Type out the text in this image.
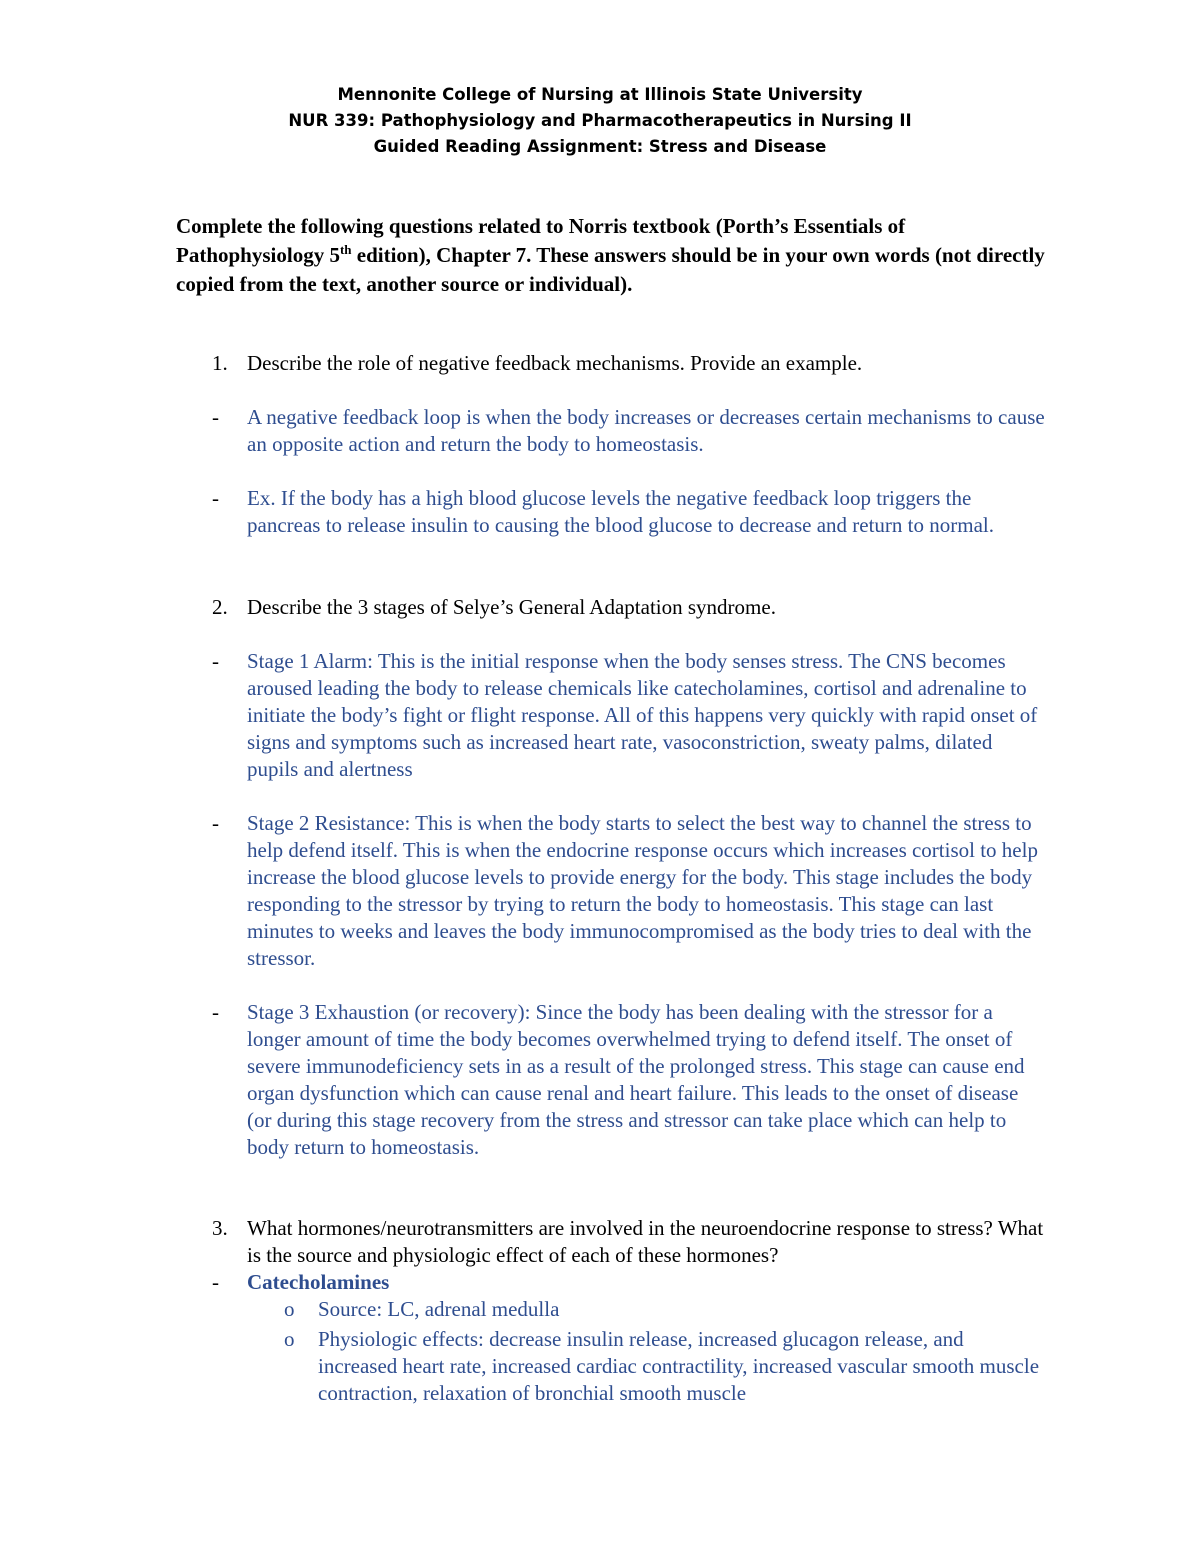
Mennonite College of Nursing at Illinois State University
NUR 339: Pathophysiology and Pharmacotherapeutics in Nursing II
Guided Reading Assignment: Stress and Disease
Complete the following questions related to Norris textbook (Porth’s Essentials of Pathophysiology 5th edition), Chapter 7. These answers should be in your own words (not directly copied from the text, another source or individual).
1. Describe the role of negative feedback mechanisms. Provide an example.
- A negative feedback loop is when the body increases or decreases certain mechanisms to cause an opposite action and return the body to homeostasis.
- Ex. If the body has a high blood glucose levels the negative feedback loop triggers the pancreas to release insulin to causing the blood glucose to decrease and return to normal.
2. Describe the 3 stages of Selye’s General Adaptation syndrome.
- Stage 1 Alarm: This is the initial response when the body senses stress. The CNS becomes aroused leading the body to release chemicals like catecholamines, cortisol and adrenaline to initiate the body’s fight or flight response. All of this happens very quickly with rapid onset of signs and symptoms such as increased heart rate, vasoconstriction, sweaty palms, dilated pupils and alertness
- Stage 2 Resistance: This is when the body starts to select the best way to channel the stress to help defend itself. This is when the endocrine response occurs which increases cortisol to help increase the blood glucose levels to provide energy for the body. This stage includes the body responding to the stressor by trying to return the body to homeostasis. This stage can last minutes to weeks and leaves the body immunocompromised as the body tries to deal with the stressor.
- Stage 3 Exhaustion (or recovery): Since the body has been dealing with the stressor for a longer amount of time the body becomes overwhelmed trying to defend itself. The onset of severe immunodeficiency sets in as a result of the prolonged stress. This stage can cause end organ dysfunction which can cause renal and heart failure. This leads to the onset of disease (or during this stage recovery from the stress and stressor can take place which can help to body return to homeostasis.
3. What hormones/neurotransmitters are involved in the neuroendocrine response to stress? What is the source and physiologic effect of each of these hormones?
- Catecholamines
o Source: LC, adrenal medulla
o Physiologic effects: decrease insulin release, increased glucagon release, and increased heart rate, increased cardiac contractility, increased vascular smooth muscle contraction, relaxation of bronchial smooth muscle
